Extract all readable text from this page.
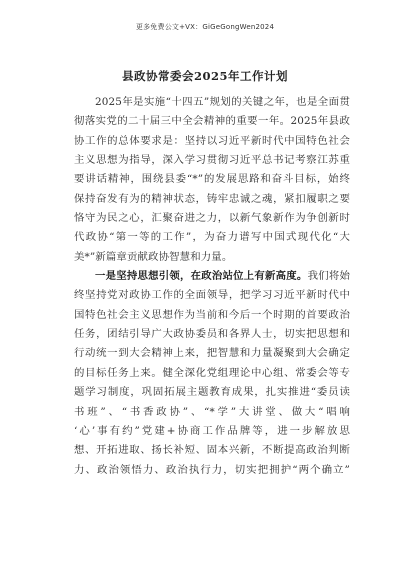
更多免费公文+VX：GiGeGongWen2024
县政协常委会2025年工作计划
2025年是实施“十四五”规划的关键之年，也是全面贯
彻落实党的二十届三中全会精神的重要一年。2025年县政
协工作的总体要求是：坚持以习近平新时代中国特色社会
主义思想为指导，深入学习贯彻习近平总书记考察江苏重
要讲话精神，围绕县委“*”的发展思路和奋斗目标，始终
保持奋发有为的精神状态，铸牢忠诚之魂，紧扣履职之要
恪守为民之心，汇聚奋进之力，以新气象新作为争创新时
代政协“第一等的工作”，为奋力谱写中国式现代化“大
美*”新篇章贡献政协智慧和力量。
一是坚持思想引领，在政治站位上有新高度。我们将始
终坚持党对政协工作的全面领导，把学习习近平新时代中
国特色社会主义思想作为当前和今后一个时期的首要政治
任务，团结引导广大政协委员和各界人士，切实把思想和
行动统一到大会精神上来，把智慧和力量凝聚到大会确定
的目标任务上来。健全深化党组理论中心组、常委会等专
题学习制度，巩固拓展主题教育成果，扎实推进“委员读
书班”、“书香政协”、“*学”大讲堂、做大“唱响
‘心’事有约”党建+协商工作品牌等，进一步解放思
想、开拓进取、扬长补短、固本兴新，不断提高政治判断
力、政治领悟力、政治执行力，切实把拥护“两个确立”
